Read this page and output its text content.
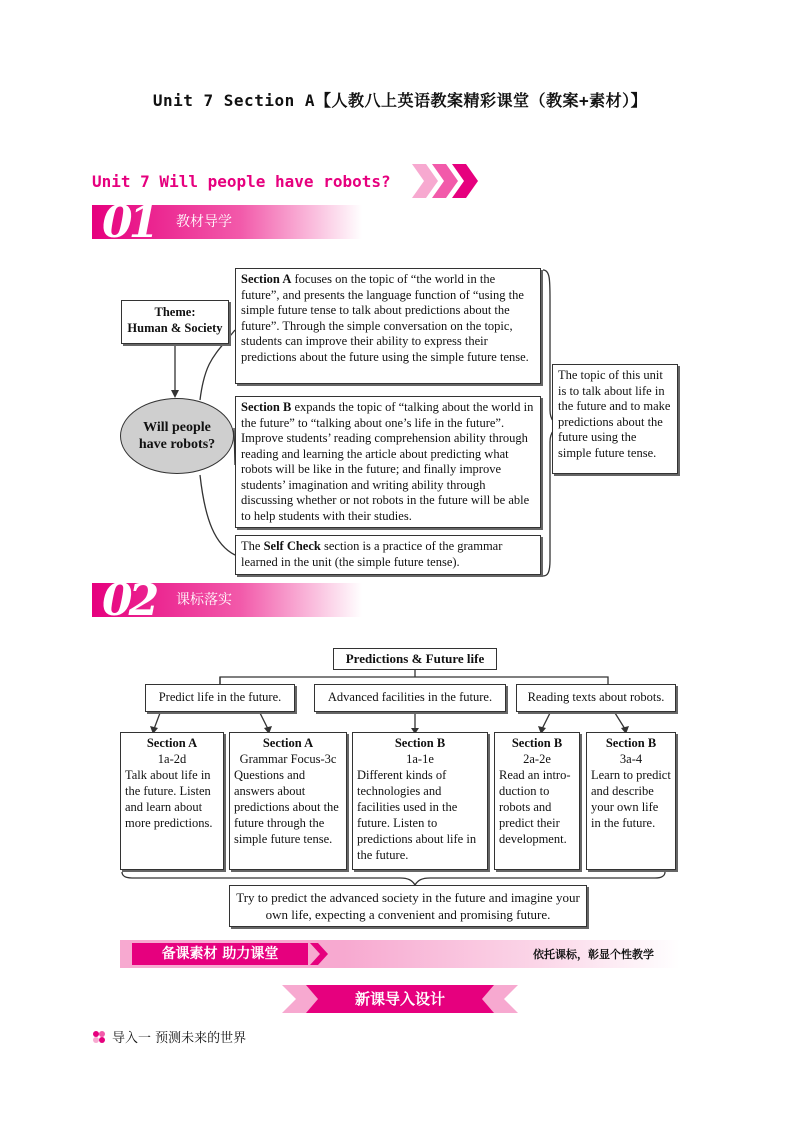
Unit 7 Section A【人教八上英语教案精彩课堂（教案+素材）】
Unit 7 Will people have robots?
01 教材导学
Theme:
Human & Society
Will people
have robots?
Section A focuses on the topic of “the world in the future”, and presents the language function of “using the simple future tense to talk about predictions about the future”. Through the simple conversation on the topic, students can improve their ability to express their predictions about the future using the simple future tense.
Section B expands the topic of “talking about the world in the future” to “talking about one’s life in the future”. Improve students’ reading comprehension ability through reading and learning the article about predicting what robots will be like in the future; and finally improve students’ imagination and writing ability through discussing whether or not robots in the future will be able to help students with their studies.
The Self Check section is a practice of the grammar learned in the unit (the simple future tense).
The topic of this unit is to talk about life in the future and to make predictions about the future using the simple future tense.
02 课标落实
Predictions & Future life
Predict life in the future.	Advanced facilities in the future.	Reading texts about robots.
Section A
1a-2d
Talk about life in the future. Listen and learn about more predictions.
Section A
Grammar Focus-3c
Questions and answers about predictions about the future through the simple future tense.
Section B
1a-1e
Different kinds of technologies and facilities used in the future. Listen to predictions about life in the future.
Section B
2a-2e
Read an intro-duction to robots and predict their development.
Section B
3a-4
Learn to predict and describe your own life in the future.
Try to predict the advanced society in the future and imagine your own life, expecting a convenient and promising future.
备课素材 助力课堂	依托课标，彰显个性教学
新课导入设计
导入一 预测未来的世界
